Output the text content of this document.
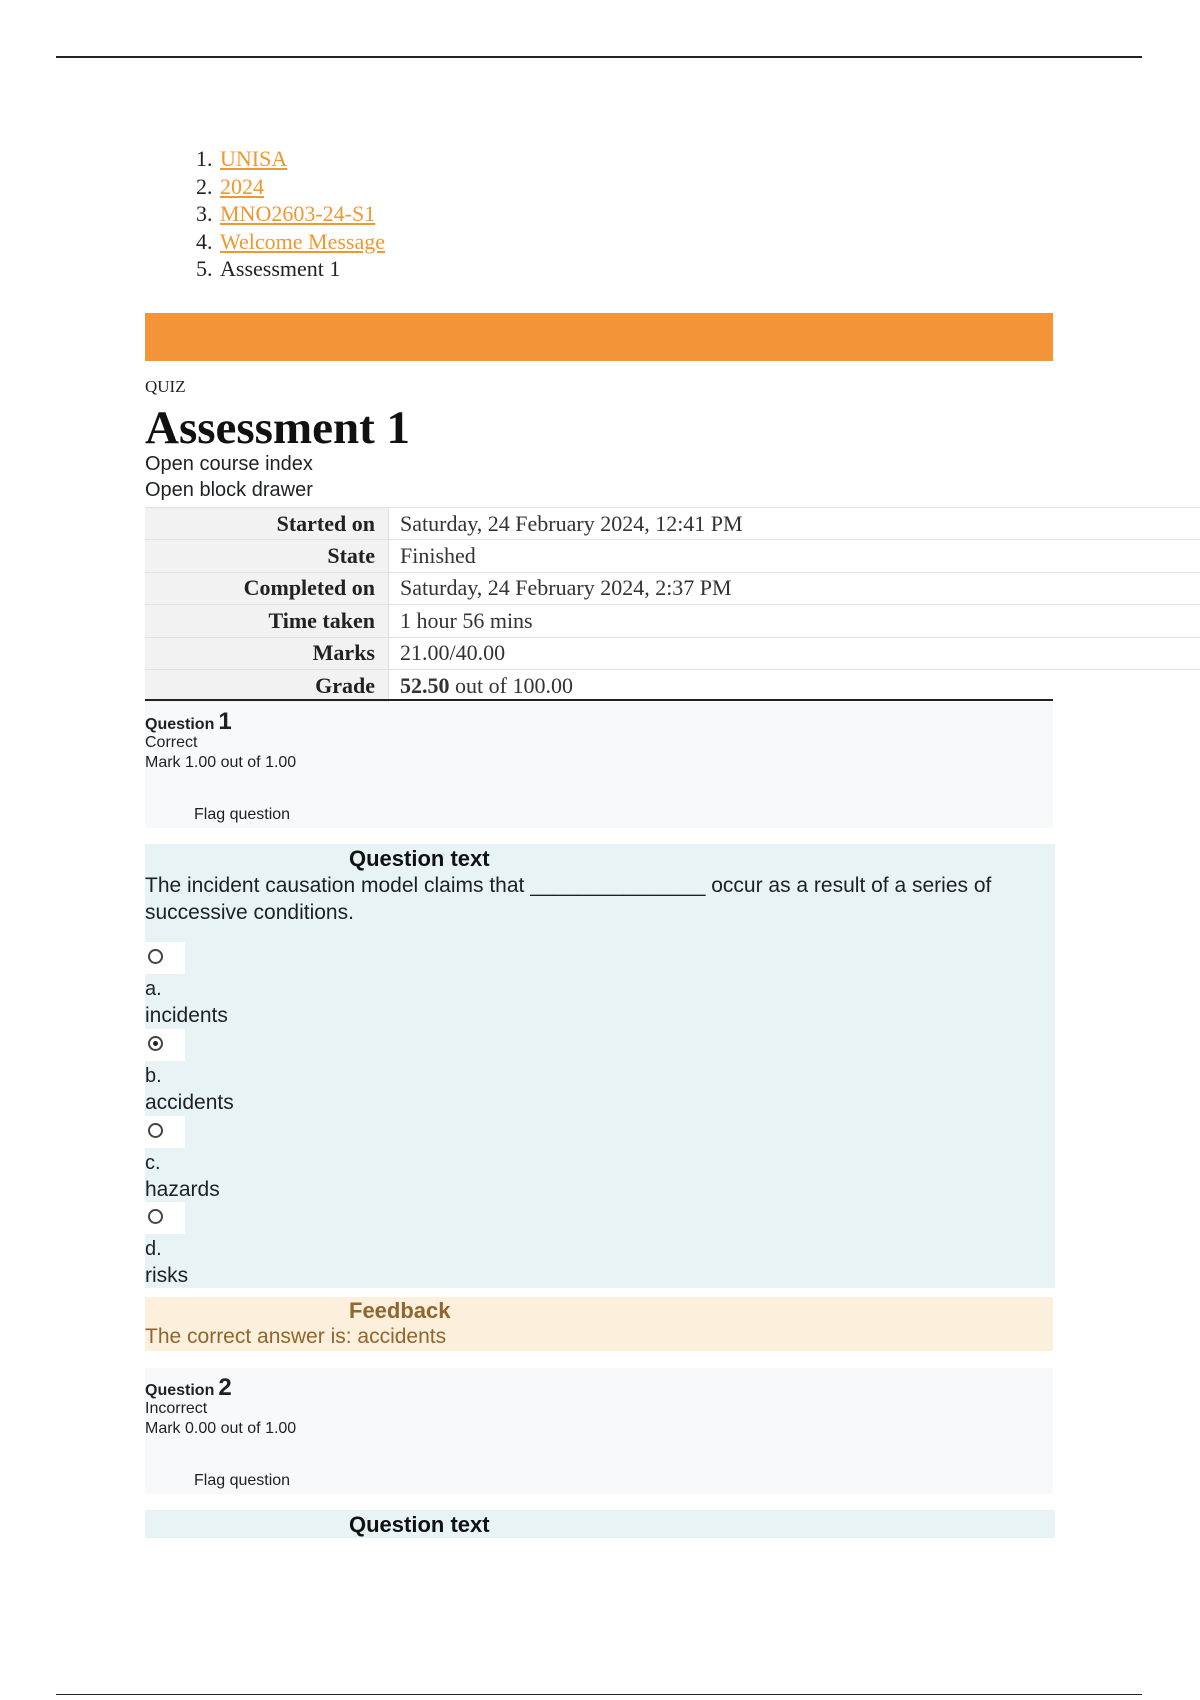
1. UNISA
2. 2024
3. MNO2603-24-S1
4. Welcome Message
5. Assessment 1
QUIZ
Assessment 1
Open course index
Open block drawer
Started on	Saturday, 24 February 2024, 12:41 PM
State	Finished
Completed on	Saturday, 24 February 2024, 2:37 PM
Time taken	1 hour 56 mins
Marks	21.00/40.00
Grade	52.50 out of 100.00
Question 1
Correct
Mark 1.00 out of 1.00
Flag question
Question text
The incident causation model claims that _______________ occur as a result of a series of successive conditions.
a.
incidents
b.
accidents
c.
hazards
d.
risks
Feedback
The correct answer is: accidents
Question 2
Incorrect
Mark 0.00 out of 1.00
Flag question
Question text
